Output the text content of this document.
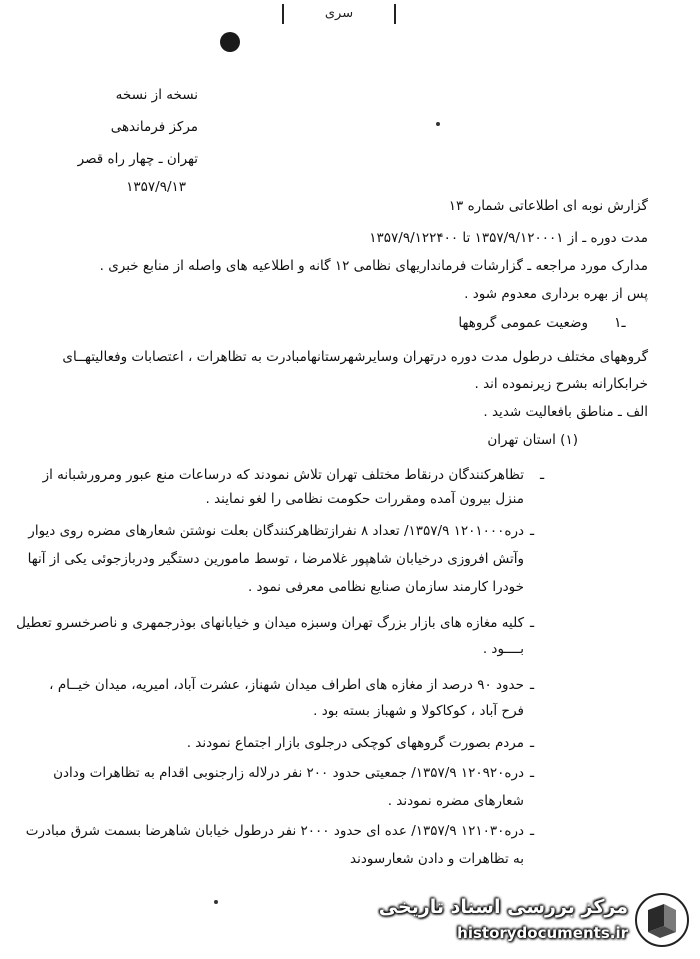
سری
نسخه از نسخه
مرکز فرماندهی
تهران ـ چهار راه قصر
۱۳۵۷/۹/۱۳
گزارش نوبه ای اطلاعاتی شماره ۱۳
مدت دوره ـ از ۱۳۵۷/۹/۱۲۰۰۰۱ تا ۱۳۵۷/۹/۱۲۲۴۰۰
مدارک مورد مراجعه ـ گزارشات فرمانداریهای نظامی ۱۲ گانه و اطلاعیه های واصله از منابع خبری .
پس از بهره برداری معدوم شود .
۱ـ
وضعیت عمومی گروهها
گروههای مختلف درطول مدت دوره درتهران وسایرشهرستانهامبادرت به تظاهرات ، اعتصابات وفعالیتهــای
خرابکارانه بشرح زیرنموده اند .
الف ـ مناطق بافعالیت شدید .
(۱) استان تهران
ـ
تظاهرکنندگان درنقاط مختلف تهران تلاش نمودند که درساعات منع عبور ومرورشبانه از
منزل بیرون آمده ومقررات حکومت نظامی را لغو نمایند .
ـ
دره۱۲۰۱۰۰۰ ۱۳۵۷/۹/ تعداد ۸ نفرازتظاهرکنندگان بعلت نوشتن شعارهای مضره روی دیوار
وآتش افروزی درخیابان شاهپور غلامرضا ، توسط مامورین دستگیر ودربازجوئی یکی از آنها
خودرا کارمند سازمان صنایع نظامی معرفی نمود .
ـ
کلیه مغازه های بازار بزرگ تهران وسبزه میدان و خیابانهای بوذرجمهری و ناصرخسرو تعطیل
بــــود .
ـ
حدود ۹۰ درصد از مغازه های اطراف میدان شهناز، عشرت آباد، امیریه، میدان خیــام ،
فرح آباد ، کوکاکولا و شهباز بسته بود .
ـ
مردم بصورت گروههای کوچکی درجلوی بازار اجتماع نمودند .
ـ
دره۱۲۰۹۲۰ ۱۳۵۷/۹/ جمعیتی حدود ۲۰۰ نفر درلاله زارجنوبی اقدام به تظاهرات ودادن
شعارهای مضره نمودند .
ـ
دره۱۲۱۰۳۰ ۱۳۵۷/۹/ عده ای حدود ۲۰۰۰ نفر درطول خیابان شاهرضا بسمت شرق مبادرت
به تظاهرات و دادن شعارسودند
مرکز بررسی اسناد تاریخی
historydocuments.ir
